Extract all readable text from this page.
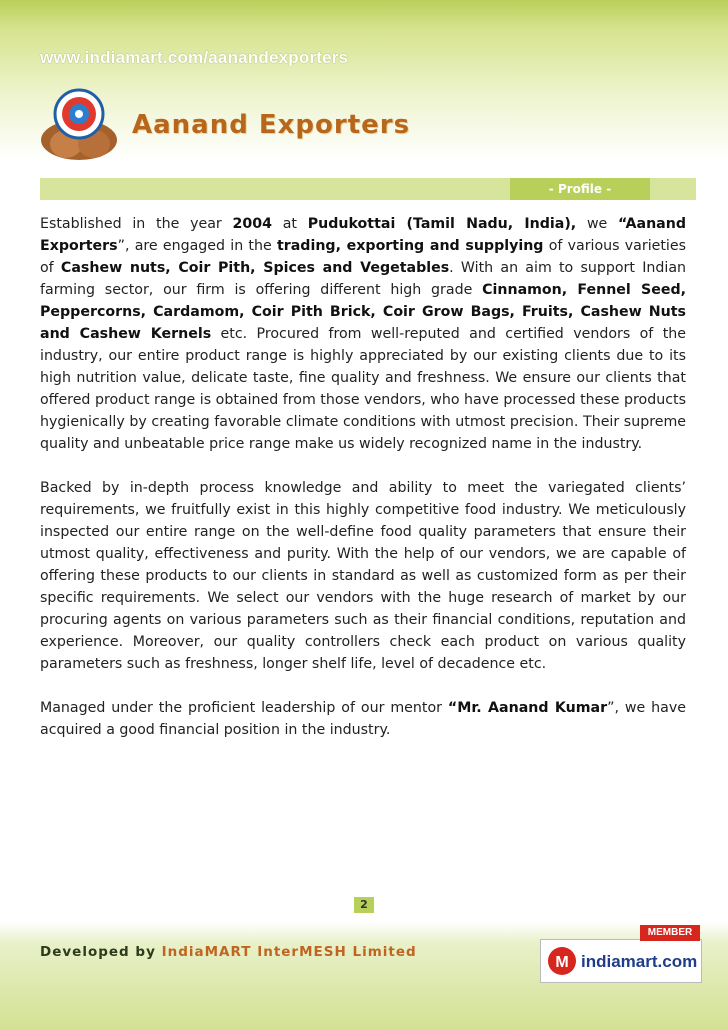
www.indiamart.com/aanandexporters
Aanand Exporters
- Profile -

Established in the year 2004 at Pudukottai (Tamil Nadu, India), we “Aanand Exporters”, are engaged in the trading, exporting and supplying of various varieties of Cashew nuts, Coir Pith, Spices and Vegetables. With an aim to support Indian farming sector, our firm is offering different high grade Cinnamon, Fennel Seed, Peppercorns, Cardamom, Coir Pith Brick, Coir Grow Bags, Fruits, Cashew Nuts and Cashew Kernels etc. Procured from well-reputed and certified vendors of the industry, our entire product range is highly appreciated by our existing clients due to its high nutrition value, delicate taste, fine quality and freshness. We ensure our clients that offered product range is obtained from those vendors, who have processed these products hygienically by creating favorable climate conditions with utmost precision. Their supreme quality and unbeatable price range make us widely recognized name in the industry.

Backed by in-depth process knowledge and ability to meet the variegated clients’ requirements, we fruitfully exist in this highly competitive food industry. We meticulously inspected our entire range on the well-define food quality parameters that ensure their utmost quality, effectiveness and purity. With the help of our vendors, we are capable of offering these products to our clients in standard as well as customized form as per their specific requirements. We select our vendors with the huge research of market by our procuring agents on various parameters such as their financial conditions, reputation and experience. Moreover, our quality controllers check each product on various quality parameters such as freshness, longer shelf life, level of decadence etc.

Managed under the proficient leadership of our mentor “Mr. Aanand Kumar”, we have acquired a good financial position in the industry.

2
Developed by IndiaMART InterMESH Limited
M indiamart.com
MEMBER
